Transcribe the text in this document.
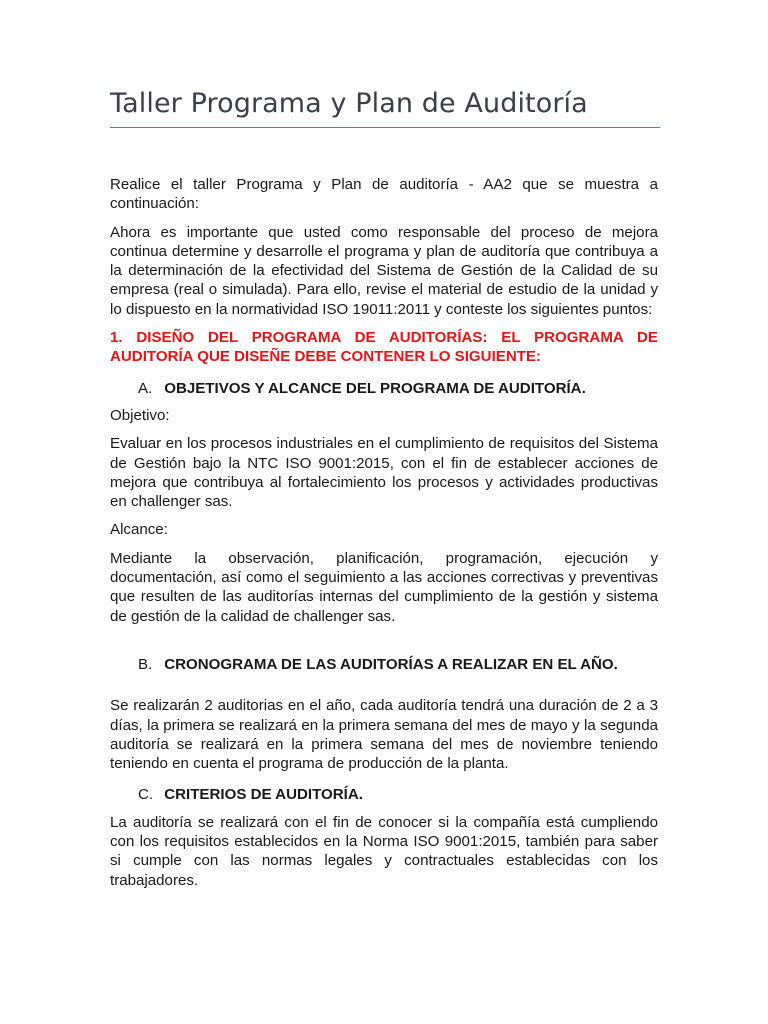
Taller Programa y Plan de Auditoría

Realice el taller Programa y Plan de auditoría - AA2 que se muestra a continuación:

Ahora es importante que usted como responsable del proceso de mejora continua determine y desarrolle el programa y plan de auditoría que contribuya a la determinación de la efectividad del Sistema de Gestión de la Calidad de su empresa (real o simulada). Para ello, revise el material de estudio de la unidad y lo dispuesto en la normatividad ISO 19011:2011 y conteste los siguientes puntos:

1. DISEÑO DEL PROGRAMA DE AUDITORÍAS: EL PROGRAMA DE AUDITORÍA QUE DISEÑE DEBE CONTENER LO SIGUIENTE:

A. OBJETIVOS Y ALCANCE DEL PROGRAMA DE AUDITORÍA.

Objetivo:

Evaluar en los procesos industriales en el cumplimiento de requisitos del Sistema de Gestión bajo la NTC ISO 9001:2015, con el fin de establecer acciones de mejora que contribuya al fortalecimiento los procesos y actividades productivas en challenger sas.

Alcance:

Mediante la observación, planificación, programación, ejecución y documentación, así como el seguimiento a las acciones correctivas y preventivas que resulten de las auditorías internas del cumplimiento de la gestión y sistema de gestión de la calidad de challenger sas.

B. CRONOGRAMA DE LAS AUDITORÍAS A REALIZAR EN EL AÑO.

Se realizarán 2 auditorias en el año, cada auditoría tendrá una duración de 2 a 3 días, la primera se realizará en la primera semana del mes de mayo y la segunda auditoría se realizará en la primera semana del mes de noviembre teniendo teniendo en cuenta el programa de producción de la planta.

C. CRITERIOS DE AUDITORÍA.

La auditoría se realizará con el fin de conocer si la compañía está cumpliendo con los requisitos establecidos en la Norma ISO 9001:2015, también para saber si cumple con las normas legales y contractuales establecidas con los trabajadores.
